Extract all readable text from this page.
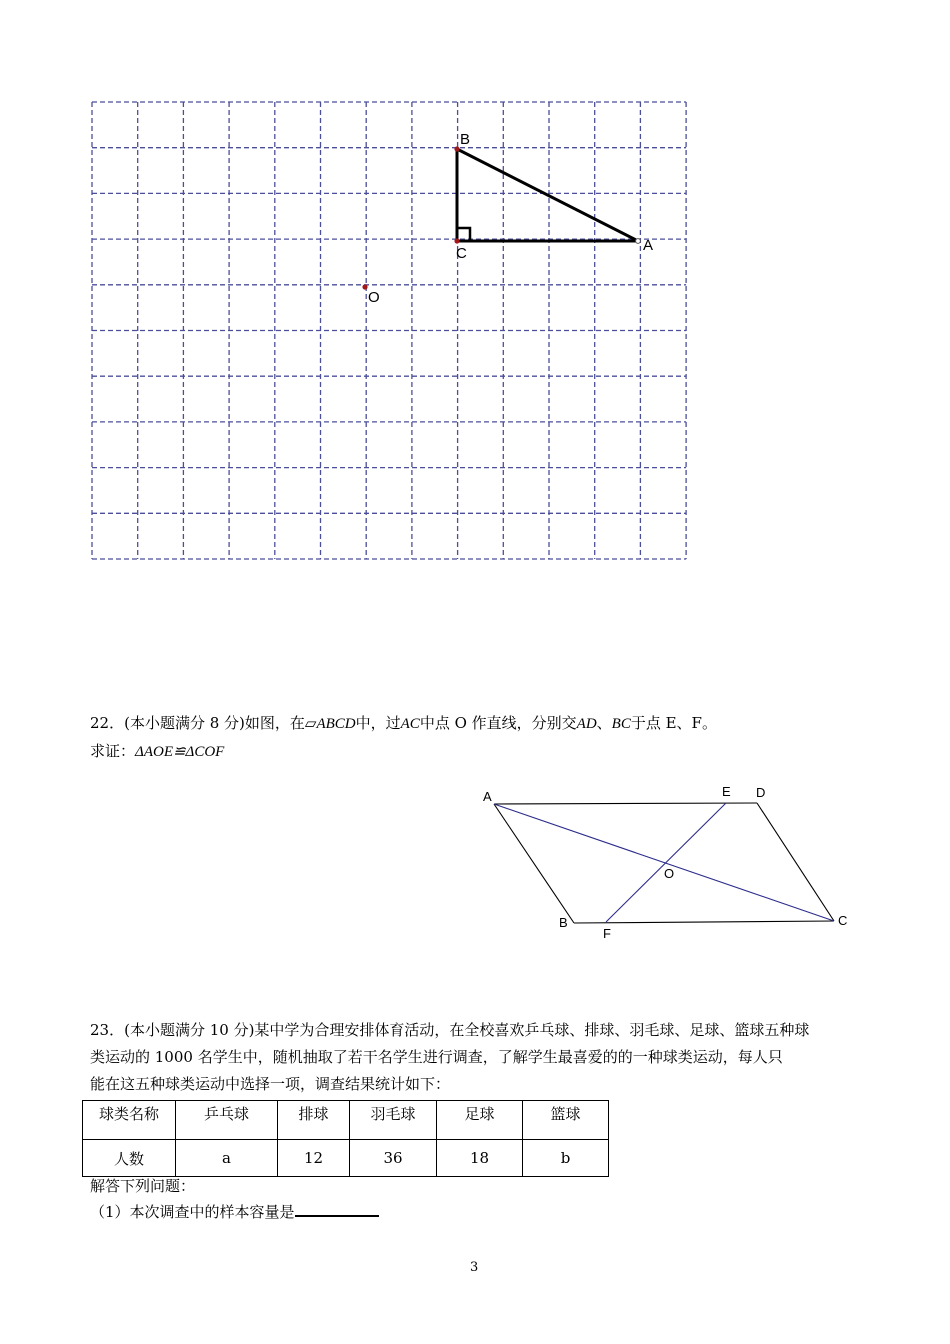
B
C	A
O
22．(本小题满分 8 分)如图，在▱ABCD中，过AC中点 O 作直线，分别交AD、BC于点 E、F。
求证：ΔAOE≌ΔCOF
A	E D
O
B
F
C
23．(本小题满分 10 分)某中学为合理安排体育活动，在全校喜欢乒乓球、排球、羽毛球、足球、篮球五种球
类运动的 1000 名学生中，随机抽取了若干名学生进行调查，了解学生最喜爱的的一种球类运动，每人只
能在这五种球类运动中选择一项，调查结果统计如下：
球类名称	乒乓球	排球	羽毛球	足球	篮球
人数	a	12	36	18	b
解答下列问题：
（1）本次调查中的样本容量是
3
